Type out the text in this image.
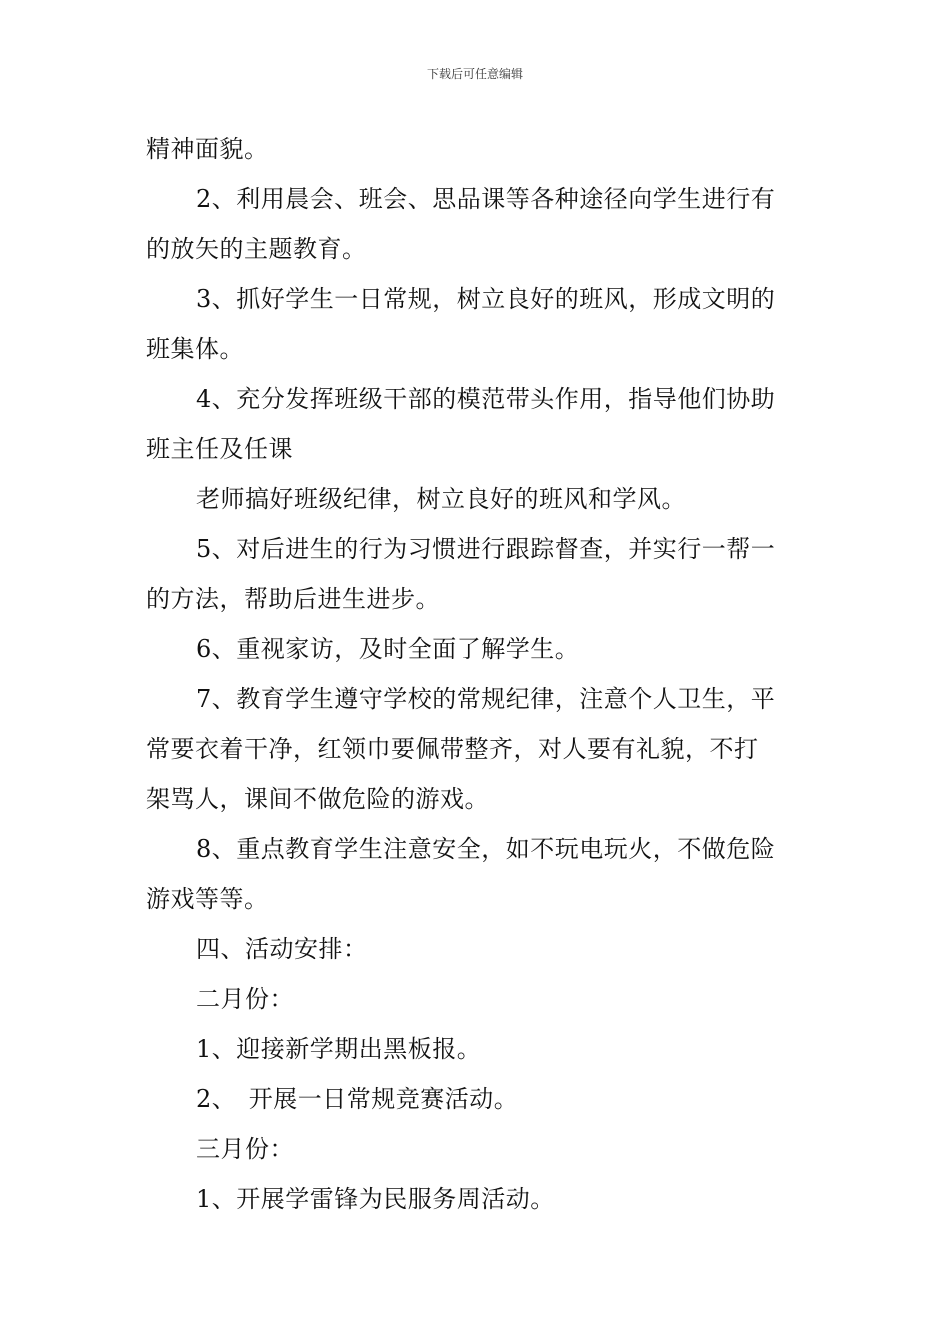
下载后可任意编辑
精神面貌。
2、利用晨会、班会、思品课等各种途径向学生进行有
的放矢的主题教育。
3、抓好学生一日常规，树立良好的班风，形成文明的
班集体。
4、充分发挥班级干部的模范带头作用，指导他们协助
班主任及任课
老师搞好班级纪律，树立良好的班风和学风。
5、对后进生的行为习惯进行跟踪督查，并实行一帮一
的方法，帮助后进生进步。
6、重视家访，及时全面了解学生。
7、教育学生遵守学校的常规纪律，注意个人卫生，平
常要衣着干净，红领巾要佩带整齐，对人要有礼貌，不打
架骂人，课间不做危险的游戏。
8、重点教育学生注意安全，如不玩电玩火，不做危险
游戏等等。
四、活动安排：
二月份：
1、迎接新学期出黑板报。
2、　开展一日常规竞赛活动。
三月份：
1、开展学雷锋为民服务周活动。
